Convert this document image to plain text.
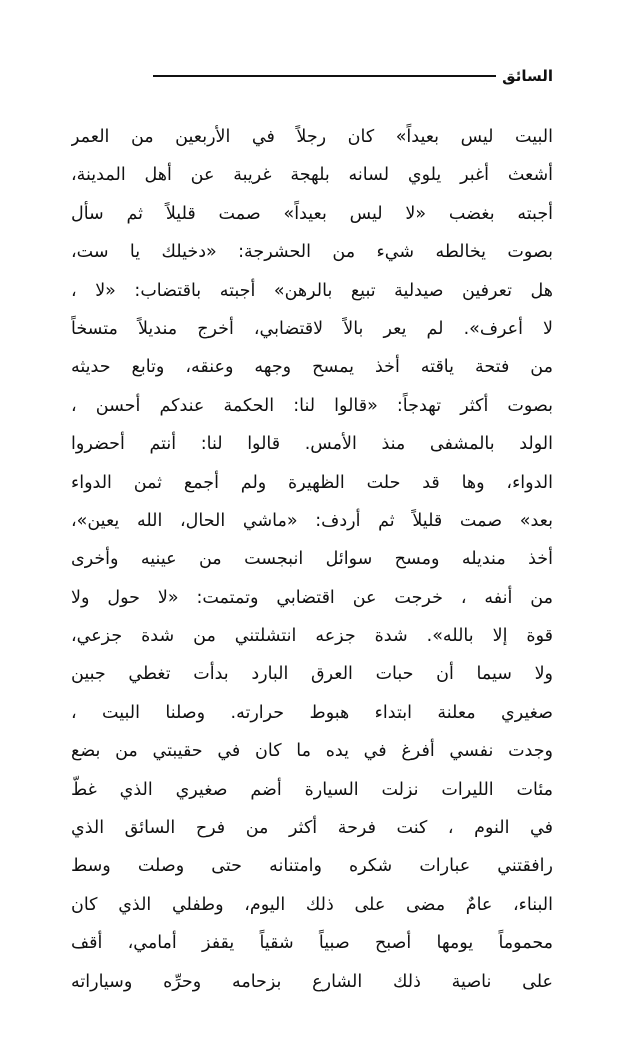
السائق
البيت ليس بعيداً» كان رجلاً في الأربعين من العمر
أشعث أغبر يلوي لسانه بلهجة غريبة عن أهل المدينة،
أجبته بغضب «لا ليس بعيداً» صمت قليلاً ثم سأل
بصوت يخالطه شيء من الحشرجة: «دخيلك يا ست،
هل تعرفين صيدلية تبيع بالرهن» أجبته باقتضاب: «لا ،
لا أعرف». لم يعر بالاً لاقتضابي، أخرج منديلاً متسخاً
من فتحة ياقته أخذ يمسح وجهه وعنقه، وتابع حديثه
بصوت أكثر تهدجاً: «قالوا لنا: الحكمة عندكم أحسن ،
الولد بالمشفى منذ الأمس. قالوا لنا: أنتم أحضروا
الدواء، وها قد حلت الظهيرة ولم أجمع ثمن الدواء
بعد» صمت قليلاً ثم أردف: «ماشي الحال، الله يعين»،
أخذ منديله ومسح سوائل انبجست من عينيه وأخرى
من أنفه ، خرجت عن اقتضابي وتمتمت: «لا حول ولا
قوة إلا بالله». شدة جزعه انتشلتني من شدة جزعي،
ولا سيما أن حبات العرق البارد بدأت تغطي جبين
صغيري معلنة ابتداء هبوط حرارته. وصلنا البيت ،
وجدت نفسي أفرغ في يده ما كان في حقيبتي من بضع
مئات الليرات نزلت السيارة أضم صغيري الذي غطّ
في النوم ، كنت فرحة أكثر من فرح السائق الذي
رافقتني عبارات شكره وامتنانه حتى وصلت وسط
البناء، عامٌ مضى على ذلك اليوم، وطفلي الذي كان
محموماً يومها أصبح صبياً شقياً يقفز أمامي، أقف
على ناصية ذلك الشارع بزحامه وحرِّه وسياراته
